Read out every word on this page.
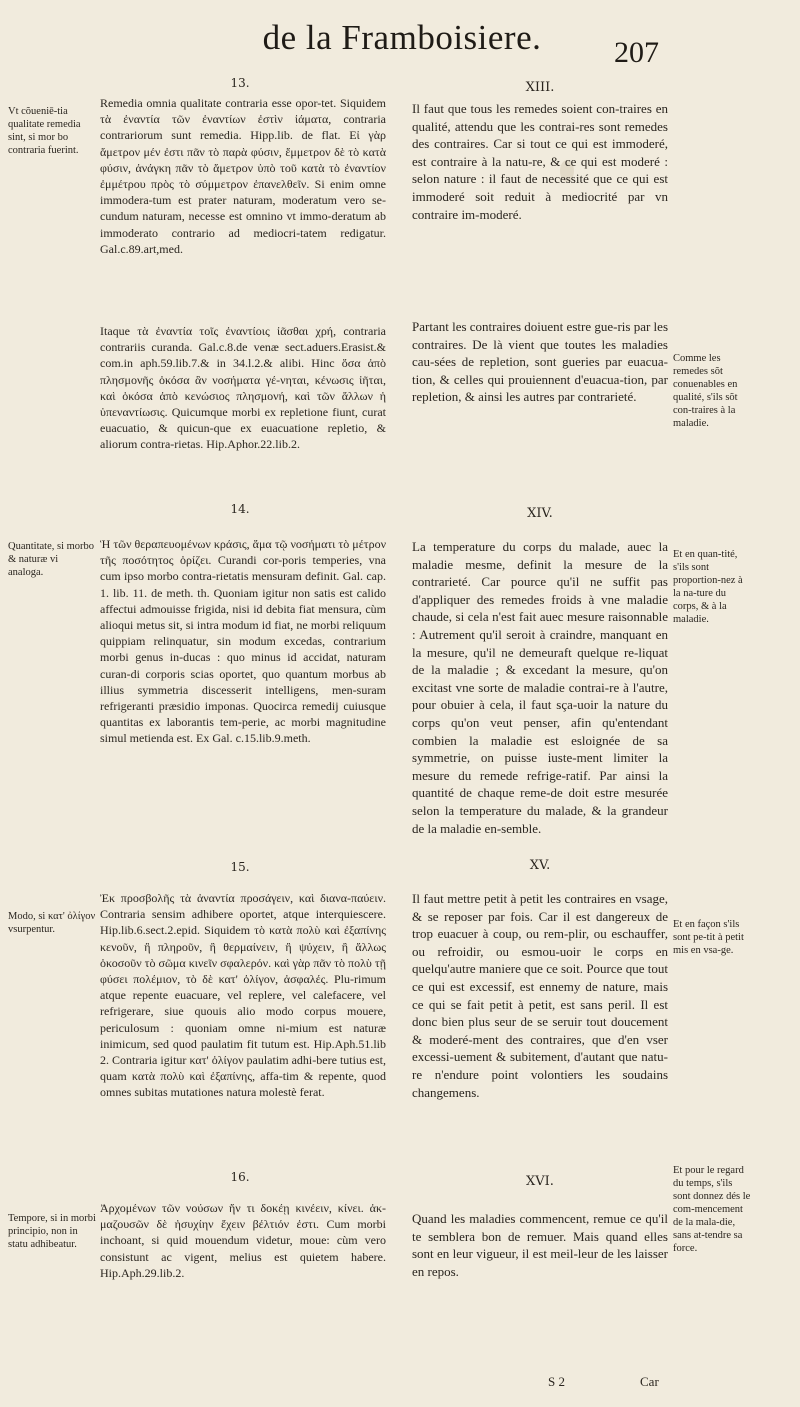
de la Framboisiere.	207
13.	XIII.
Vt cõueniē-tia qualitate remedia sint, si mor bo contraria fuerint.
Remedia omnia qualitate contraria esse opor-tet. Siquidem τὰ ἐναντία τῶν ἐναντίων ἐστὶν ἰάματα, contraria contrariorum sunt remedia. Hipp.lib. de flat. Εἰ γὰρ ἄμετρον μέν ἐστι πᾶν τὸ παρὰ φύσιν, ἔμμετρον δὲ τὸ κατὰ φύσιν, ἀνάγκη πᾶν τὸ ἄμετρον ὑπὸ τοῦ κατὰ τὸ ἐναντίον ἐμμέτρου πρὸς τὸ σύμμετρον ἐπανελθεῖν. Si enim omne immodera-tum est prater naturam, moderatum vero se-cundum naturam, necesse est omnino vt immo-deratum ab immoderato contrario ad mediocri-tatem redigatur. Gal.c.89.art,med.
Il faut que tous les remedes soient con-traires en qualité, attendu que les contrai-res sont remedes des contraires. Car si tout ce qui est immoderé, est contraire à la natu-re, & ce qui est moderé : selon nature : il faut de necessité que ce qui est immoderé soit reduit à mediocrité par vn contraire im-moderé.
Itaque τὰ ἐναντία τοῖς ἐναντίοις ἰᾶσθαι χρή, contraria contrariis curanda. Gal.c.8.de venæ sect.aduers.Erasist.& com.in aph.59.lib.7.& in 34.l.2.& alibi. Hinc ὅσα ἀπὸ πλησμονῆς ὁκόσα ἂν νοσήματα γέ-νηται, κένωσις ἰῆται, καὶ ὁκόσα ἀπὸ κενώσιος πλησμονή, καὶ τῶν ἄλλων ἡ ὑπεναντίωσις. Quicumque morbi ex repletione fiunt, curat euacuatio, & quicun-que ex euacuatione repletio, & aliorum contra-rietas. Hip.Aphor.22.lib.2.
Partant les contraires doiuent estre gue-ris par les contraires. De là vient que toutes les maladies cau-sées de repletion, sont gueries par euacua-tion, & celles qui prouiennent d'euacua-tion, par repletion, & ainsi les autres par contrarieté.
Comme les remedes sõt conuenables en qualité, s'ils sõt con-traires à la maladie.
14.	XIV.
Quantitate, si morbo & naturæ vi analoga.
Ἡ τῶν θεραπευομένων κράσις, ἅμα τῷ νοσήματι τὸ μέτρον τῆς ποσότητος ὁρίζει. Curandi cor-poris temperies, vna cum ipso morbo contra-rietatis mensuram definit. Gal. cap. 1. lib. 11. de meth. th. Quoniam igitur non satis est calido affectui admouisse frigida, nisi id debita fiat mensura, cùm alioqui metus sit, si intra modum id fiat, ne morbi reliquum quippiam relinquatur, sin modum excedas, contrarium morbi genus in-ducas : quo minus id accidat, naturam curan-di corporis scias oportet, quo quantum morbus ab illius symmetria discesserit intelligens, men-suram refrigeranti præsidio imponas. Quocirca remedij cuiusque quantitas ex laborantis tem-perie, ac morbi magnitudine simul metienda est. Ex Gal. c.15.lib.9.meth.
La temperature du corps du malade, auec la maladie mesme, definit la mesure de la contrarieté. Car pource qu'il ne suffit pas d'appliquer des remedes froids à vne maladie chaude, si cela n'est fait auec mesure raisonnable : Autrement qu'il seroit à craindre, manquant en la mesure, qu'il ne demeuraft quelque re-liquat de la maladie ; & excedant la mesure, qu'on excitast vne sorte de maladie contrai-re à l'autre, pour obuier à cela, il faut sça-uoir la nature du corps qu'on veut penser, afin qu'entendant combien la maladie est esloignée de sa symmetrie, on puisse iuste-ment limiter la mesure du remede refrige-ratif. Par ainsi la quantité de chaque reme-de doit estre mesurée selon la temperature du malade, & la grandeur de la maladie en-semble.
Et en quan-tité, s'ils sont proportion-nez à la na-ture du corps, & à la maladie.
15.	XV.
Modo, si κατ' ὀλίγον vsurpentur.
Ἐκ προσβολῆς τὰ ἀναντία προσάγειν, καὶ διανα-παύειν. Contraria sensim adhibere oportet, atque interquiescere. Hip.lib.6.sect.2.epid. Siquidem τὸ κατὰ πολὺ καὶ ἐξαπίνης κενοῦν, ἢ πληροῦν, ἢ θερμαίνειν, ἢ ψύχειν, ἢ ἄλλως ὁκοσοῦν τὸ σῶμα κινεῖν σφαλερόν. καὶ γὰρ πᾶν τὸ πολὺ τῇ φύσει πολέμιον, τὸ δὲ κατ' ὀλίγον, ἀσφαλές. Plu-rimum atque repente euacuare, vel replere, vel calefacere, vel refrigerare, siue quouis alio modo corpus mouere, periculosum : quoniam omne ni-mium est naturæ inimicum, sed quod paulatim fit tutum est. Hip.Aph.51.lib 2. Contraria igitur κατ' ὀλίγον paulatim adhi-bere tutius est, quam κατὰ πολὺ καὶ ἐξαπίνης, affa-tim & repente, quod omnes subitas mutationes natura molestè ferat.
Il faut mettre petit à petit les contraires en vsage, & se reposer par fois. Car il est dangereux de trop euacuer à coup, ou rem-plir, ou eschauffer, ou refroidir, ou esmou-uoir le corps en quelqu'autre maniere que ce soit. Pource que tout ce qui est excessif, est ennemy de nature, mais ce qui se fait petit à petit, est sans peril. Il est donc bien plus seur de se seruir tout doucement & moderé-ment des contraires, que d'en vser excessi-uement & subitement, d'autant que natu-re n'endure point volontiers les soudains changemens.
Et en façon s'ils sont pe-tit à petit mis en vsa-ge.
16.	XVI.
Tempore, si in morbi principio, non in statu adhibeatur.
Ἀρχομένων τῶν νούσων ἤν τι δοκέῃ κινέειν, κίνει. ἀκ-μαζουσῶν δὲ ἡσυχίην ἔχειν βέλτιόν ἐστι. Cum morbi inchoant, si quid mouendum videtur, moue: cùm vero consistunt ac vigent, melius est quietem habere. Hip.Aph.29.lib.2.
Quand les maladies commencent, remue ce qu'il te semblera bon de remuer. Mais quand elles sont en leur vigueur, il est meil-leur de les laisser en repos.
Et pour le regard du temps, s'ils sont donnez dés le com-mencement de la mala-die, sans at-tendre sa force.
S 2	Car
